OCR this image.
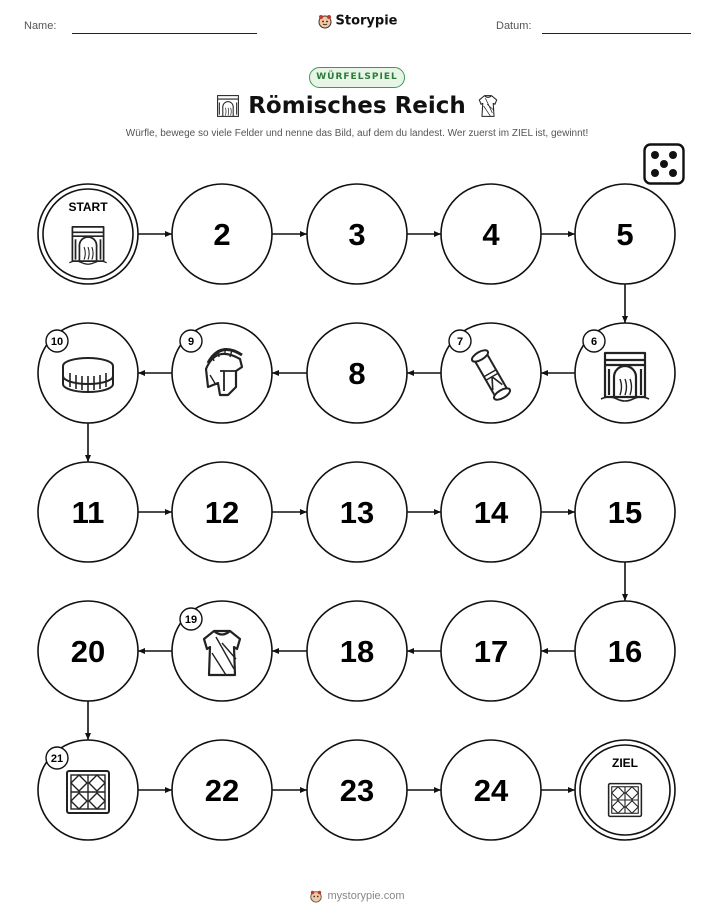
Name:	Storypie	Datum:
WÜRFELSPIEL
Römisches Reich
Würfle, bewege so viele Felder und nenne das Bild, auf dem du landest. Wer zuerst im ZIEL ist, gewinnt!
START
2	3	4	5
6
7
8
9
10
11	12	13	14	15
16
17
18
19
20
21
22	23	24
ZIEL
mystorypie.com
